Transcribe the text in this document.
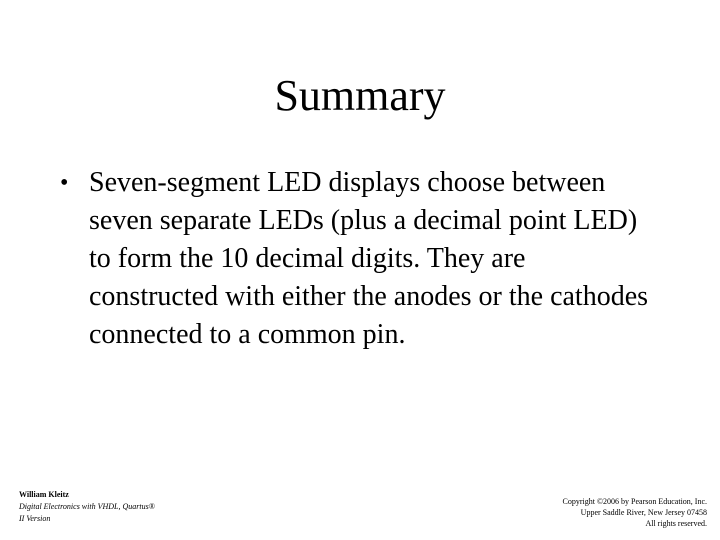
Summary
• Seven-segment LED displays choose between seven separate LEDs (plus a decimal point LED) to form the 10 decimal digits. They are constructed with either the anodes or the cathodes connected to a common pin.
William Kleitz
Digital Electronics with VHDL, Quartus®
II Version
Copyright ©2006 by Pearson Education, Inc.
Upper Saddle River, New Jersey 07458
All rights reserved.
